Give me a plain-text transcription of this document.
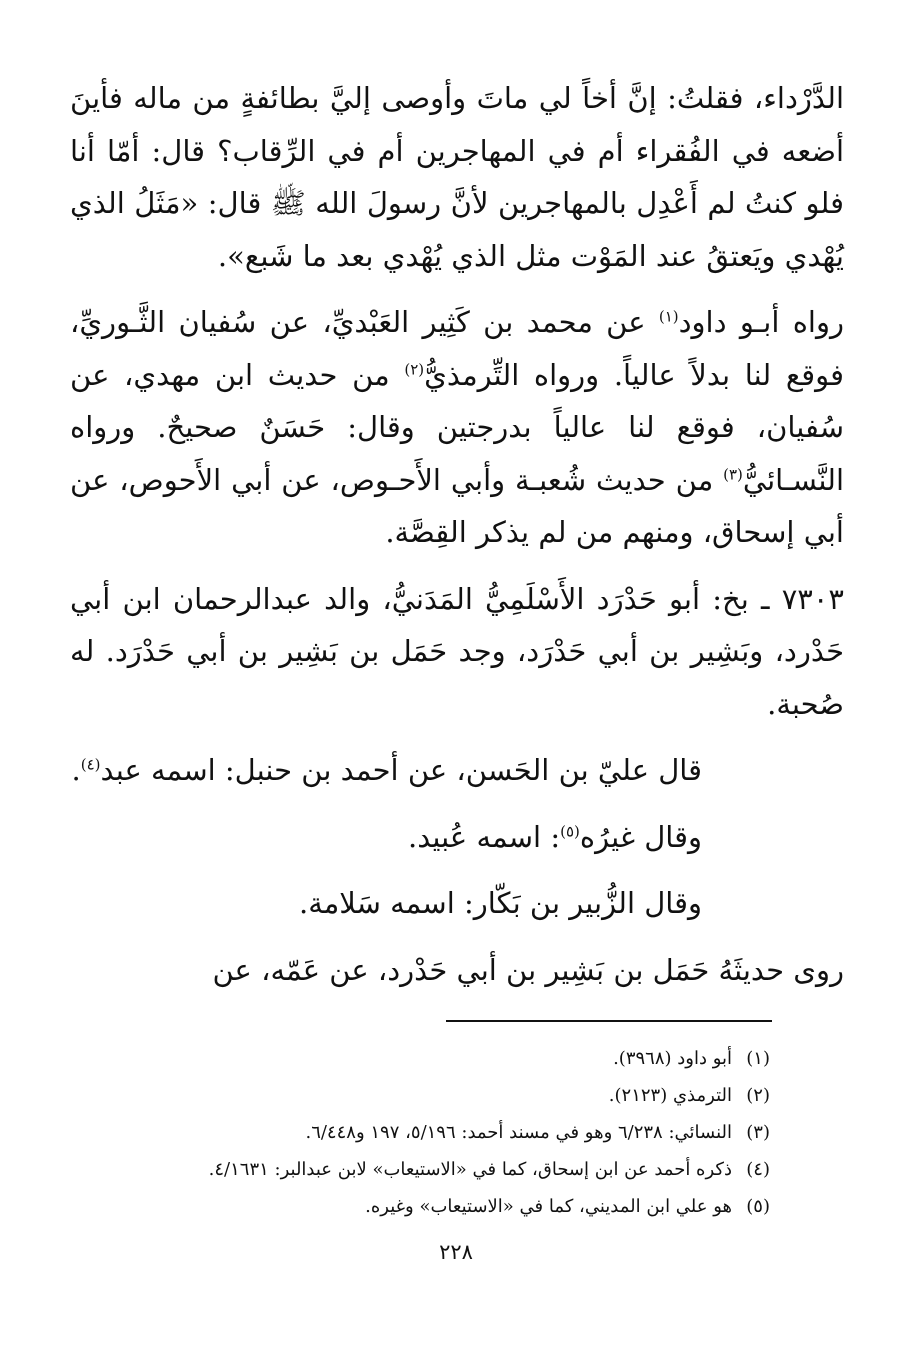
الدَّرْداء، فقلتُ: إنَّ أخاً لي ماتَ وأوصى إليَّ بطائفةٍ من ماله فأينَ أضعه في الفُقراء أم في المهاجرين أم في الرِّقاب؟ قال: أمّا أنا فلو كنتُ لم أَعْدِل بالمهاجرين لأنَّ رسولَ الله ﷺ قال: «مَثَلُ الذي يُهْدي ويَعتقُ عند المَوْت مثل الذي يُهْدي بعد ما شَبع».

رواه أبـو داود$^{(١)}$ عن محمد بن كَثِير العَبْديِّ، عن سُفيان الثَّـوريِّ، فوقع لنا بدلاً عالياً. ورواه التِّرمذيُّ$^{(٢)}$ من حديث ابن مهدي، عن سُفيان، فوقع لنا عالياً بدرجتين وقال: حَسَنٌ صحيحٌ. ورواه النَّسـائيُّ$^{(٣)}$ من حديث شُعبـة وأبي الأَحـوص، عن أبي الأَحوص، عن أبي إسحاق، ومنهم من لم يذكر القِصَّة.

٧٣٠٣ ـ بخ: أبو حَدْرَد الأَسْلَمِيُّ المَدَنيُّ، والد عبدالرحمان ابن أبي حَدْرد، وبَشِير بن أبي حَدْرَد، وجد حَمَل بن بَشِير بن أبي حَدْرَد. له صُحبة.

قال عليّ بن الحَسن، عن أحمد بن حنبل: اسمه عبد$^{(٤)}$.

وقال غيرُه$^{(٥)}$: اسمه عُبيد.

وقال الزُّبير بن بَكّار: اسمه سَلامة.

روى حديثَهُ حَمَل بن بَشِير بن أبي حَدْرد، عن عَمّه، عن

(١)
أبو داود (٣٩٦٨).
(٢)
الترمذي (٢١٢٣).
(٣)
النسائي: ٦/٢٣٨ وهو في مسند أحمد: ٥/١٩٦، ١٩٧ و٦/٤٤٨.
(٤)
ذكره أحمد عن ابن إسحاق، كما في «الاستيعاب» لابن عبدالبر: ٤/١٦٣١.
(٥)
هو علي ابن المديني، كما في «الاستيعاب» وغيره.
٢٢٨
